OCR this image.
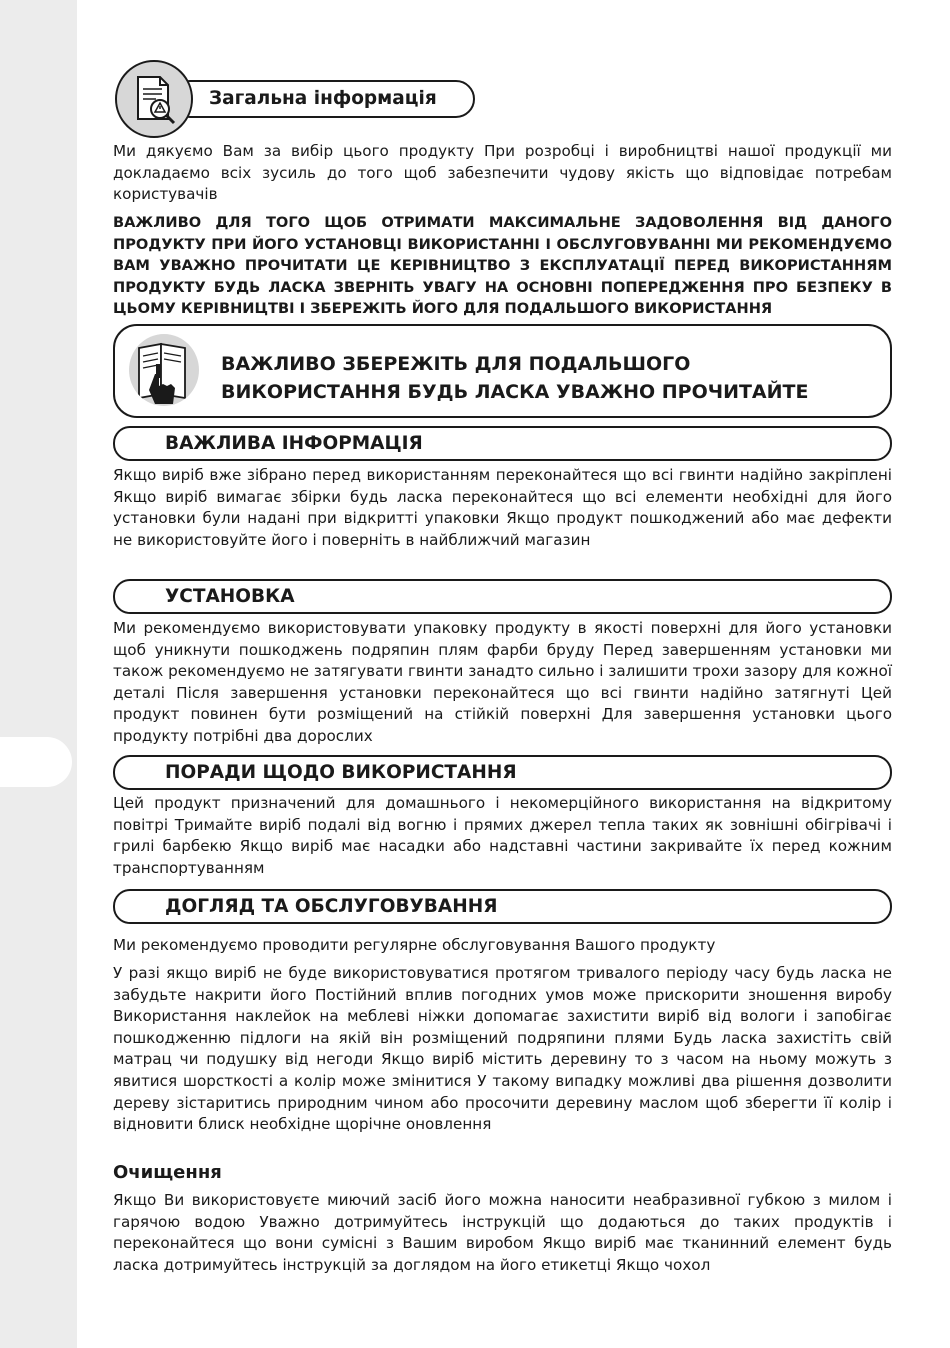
Загальна інформація

Ми дякуємо Вам за вибір цього продукту При розробці і виробництві нашої продукції ми докладаємо всіх зусиль до того щоб забезпечити чудову якість що відповідає потребам користувачів

ВАЖЛИВО ДЛЯ ТОГО ЩОБ ОТРИМАТИ МАКСИМАЛЬНЕ ЗАДОВОЛЕННЯ ВІД ДАНОГО ПРОДУКТУ ПРИ ЙОГО УСТАНОВЦІ ВИКОРИСТАННІ І ОБСЛУГОВУВАННІ МИ РЕКОМЕНДУЄМО ВАМ УВАЖНО ПРОЧИТАТИ ЦЕ КЕРІВНИЦТВО З ЕКСПЛУАТАЦІЇ ПЕРЕД ВИКОРИСТАННЯМ ПРОДУКТУ БУДЬ ЛАСКА ЗВЕРНІТЬ УВАГУ НА ОСНОВНІ ПОПЕРЕДЖЕННЯ ПРО БЕЗПЕКУ В ЦЬОМУ КЕРІВНИЦТВІ І ЗБЕРЕЖІТЬ ЙОГО ДЛЯ ПОДАЛЬШОГО ВИКОРИСТАННЯ

ВАЖЛИВО ЗБЕРЕЖІТЬ ДЛЯ ПОДАЛЬШОГО
ВИКОРИСТАННЯ БУДЬ ЛАСКА УВАЖНО ПРОЧИТАЙТЕ
ВАЖЛИВА ІНФОРМАЦІЯ

Якщо виріб вже зібрано перед використанням переконайтеся що всі гвинти надійно закріплені Якщо виріб вимагає збірки будь ласка переконайтеся що всі елементи необхідні для його установки були надані при відкритті упаковки Якщо продукт пошкоджений або має дефекти не використовуйте його і поверніть в найближчий магазин

УСТАНОВКА

Ми рекомендуємо використовувати упаковку продукту в якості поверхні для його установки щоб уникнути пошкоджень подряпин плям фарби бруду Перед завершенням установки ми також рекомендуємо не затягувати гвинти занадто сильно і залишити трохи зазору для кожної деталі Після завершення установки переконайтеся що всі гвинти надійно затягнуті Цей продукт повинен бути розміщений на стійкій поверхні Для завершення установки цього продукту потрібні два дорослих

ПОРАДИ ЩОДО ВИКОРИСТАННЯ

Цей продукт призначений для домашнього і некомерційного використання на відкритому повітрі Тримайте виріб подалі від вогню і прямих джерел тепла таких як зовнішні обігрівачі і грилі барбекю Якщо виріб має насадки або надставні частини закривайте їх перед кожним транспортуванням

ДОГЛЯД ТА ОБСЛУГОВУВАННЯ

Ми рекомендуємо проводити регулярне обслуговування Вашого продукту

У разі якщо виріб не буде використовуватися протягом тривалого періоду часу будь ласка не забудьте накрити його Постійний вплив погодних умов може прискорити зношення виробу Використання наклейок на меблеві ніжки допомагає захистити виріб від вологи і запобігає пошкодженню підлоги на якій він розміщений подряпини плями Будь ласка захистіть свій матрац чи подушку від негоди Якщо виріб містить деревину то з часом на ньому можуть з явитися шорсткості а колір може змінитися У такому випадку можливі два рішення дозволити дереву зістаритись природним чином або просочити деревину маслом щоб зберегти її колір і відновити блиск необхідне щорічне оновлення

Очищення

Якщо Ви використовуєте миючий засіб його можна наносити неабразивної губкою з милом і гарячою водою Уважно дотримуйтесь інструкцій що додаються до таких продуктів і переконайтеся що вони сумісні з Вашим виробом Якщо виріб має тканинний елемент будь ласка дотримуйтесь інструкцій за доглядом на його етикетці Якщо чохол
